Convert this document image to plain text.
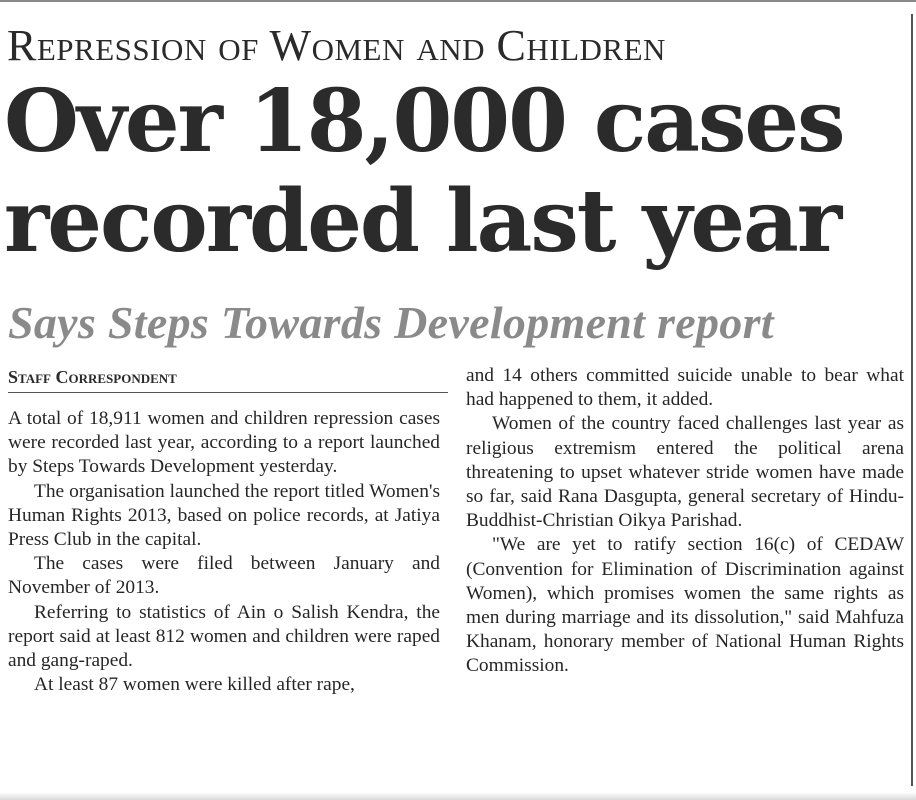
Repression of Women and Children
Over 18,000 cases
recorded last year
Says Steps Towards Development report
Staff Correspondent

A total of 18,911 women and children repression cases were recorded last year, according to a report launched by Steps Towards Development yesterday.

The organisation launched the report titled Women's Human Rights 2013, based on police records, at Jatiya Press Club in the capital.

The cases were filed between January and November of 2013.

Referring to statistics of Ain o Salish Kendra, the report said at least 812 women and children were raped and gang-raped.

At least 87 women were killed after rape,

and 14 others committed suicide unable to bear what had happened to them, it added.

Women of the country faced challenges last year as religious extremism entered the political arena threatening to upset whatever stride women have made so far, said Rana Dasgupta, general secretary of Hindu-Buddhist-Christian Oikya Parishad.

"We are yet to ratify section 16(c) of CEDAW (Convention for Elimination of Discrimination against Women), which promises women the same rights as men during marriage and its dissolution," said Mahfuza Khanam, honorary member of National Human Rights Commission.
